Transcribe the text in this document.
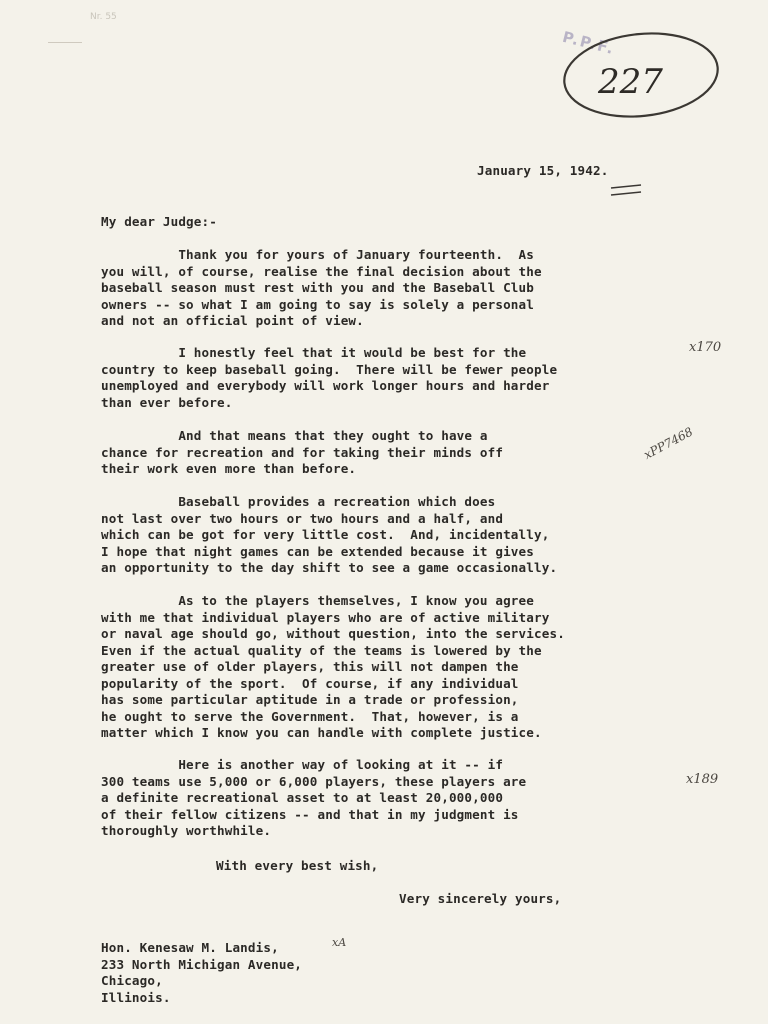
Nr. 55
P.P.F.
227
January 15, 1942.
My dear Judge:-
Thank you for yours of January fourteenth.  As
you will, of course, realise the final decision about the
baseball season must rest with you and the Baseball Club
owners -- so what I am going to say is solely a personal
and not an official point of view.
I honestly feel that it would be best for the
country to keep baseball going.  There will be fewer people
unemployed and everybody will work longer hours and harder
than ever before.
And that means that they ought to have a
chance for recreation and for taking their minds off
their work even more than before.
Baseball provides a recreation which does
not last over two hours or two hours and a half, and
which can be got for very little cost.  And, incidentally,
I hope that night games can be extended because it gives
an opportunity to the day shift to see a game occasionally.
As to the players themselves, I know you agree
with me that individual players who are of active military
or naval age should go, without question, into the services.
Even if the actual quality of the teams is lowered by the
greater use of older players, this will not dampen the
popularity of the sport.  Of course, if any individual
has some particular aptitude in a trade or profession,
he ought to serve the Government.  That, however, is a
matter which I know you can handle with complete justice.
Here is another way of looking at it -- if
300 teams use 5,000 or 6,000 players, these players are
a definite recreational asset to at least 20,000,000
of their fellow citizens -- and that in my judgment is
thoroughly worthwhile.
With every best wish,
Very sincerely yours,
Hon. Kenesaw M. Landis,
233 North Michigan Avenue,
Chicago,
Illinois.
x170
xPP7468
x189
xA
